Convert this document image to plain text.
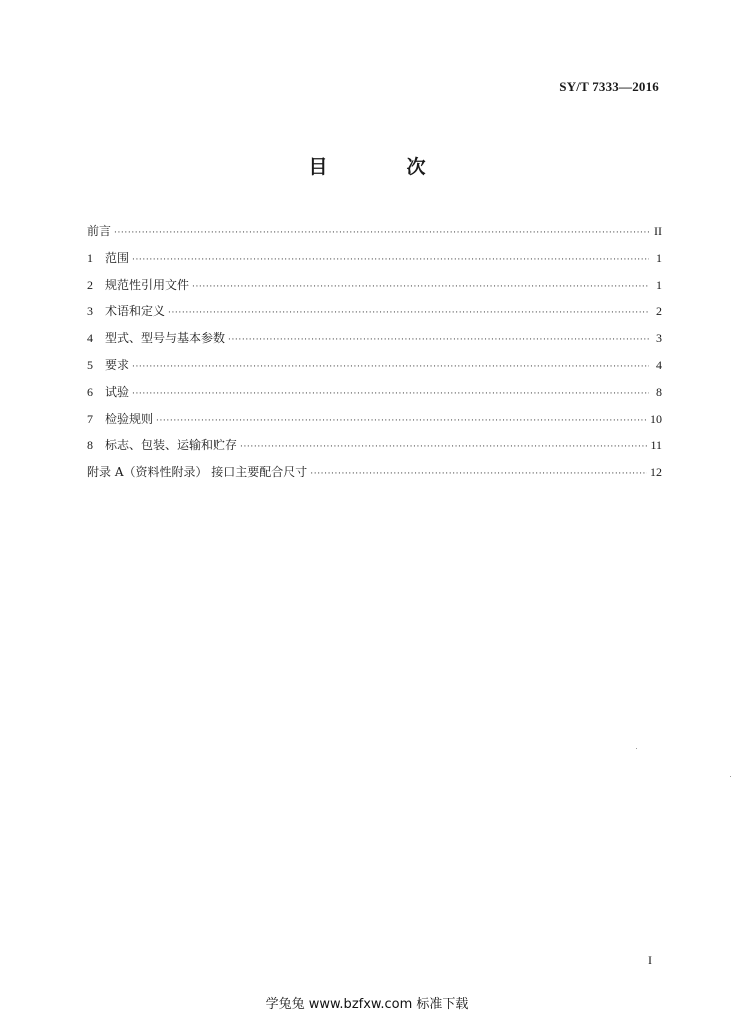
SY/T 7333—2016
目　次
前言 ·····	II
1	范围 ·····	1
2	规范性引用文件 ·····	1
3	术语和定义 ·····	2
4	型式、型号与基本参数 ·····	3
5	要求 ·····	4
6	试验 ·····	8
7	检验规则 ·····	10
8	标志、包装、运输和贮存 ·····	11
附录 A（资料性附录） 接口主要配合尺寸 ·····	12
I
学兔兔 www.bzfxw.com 标准下载
